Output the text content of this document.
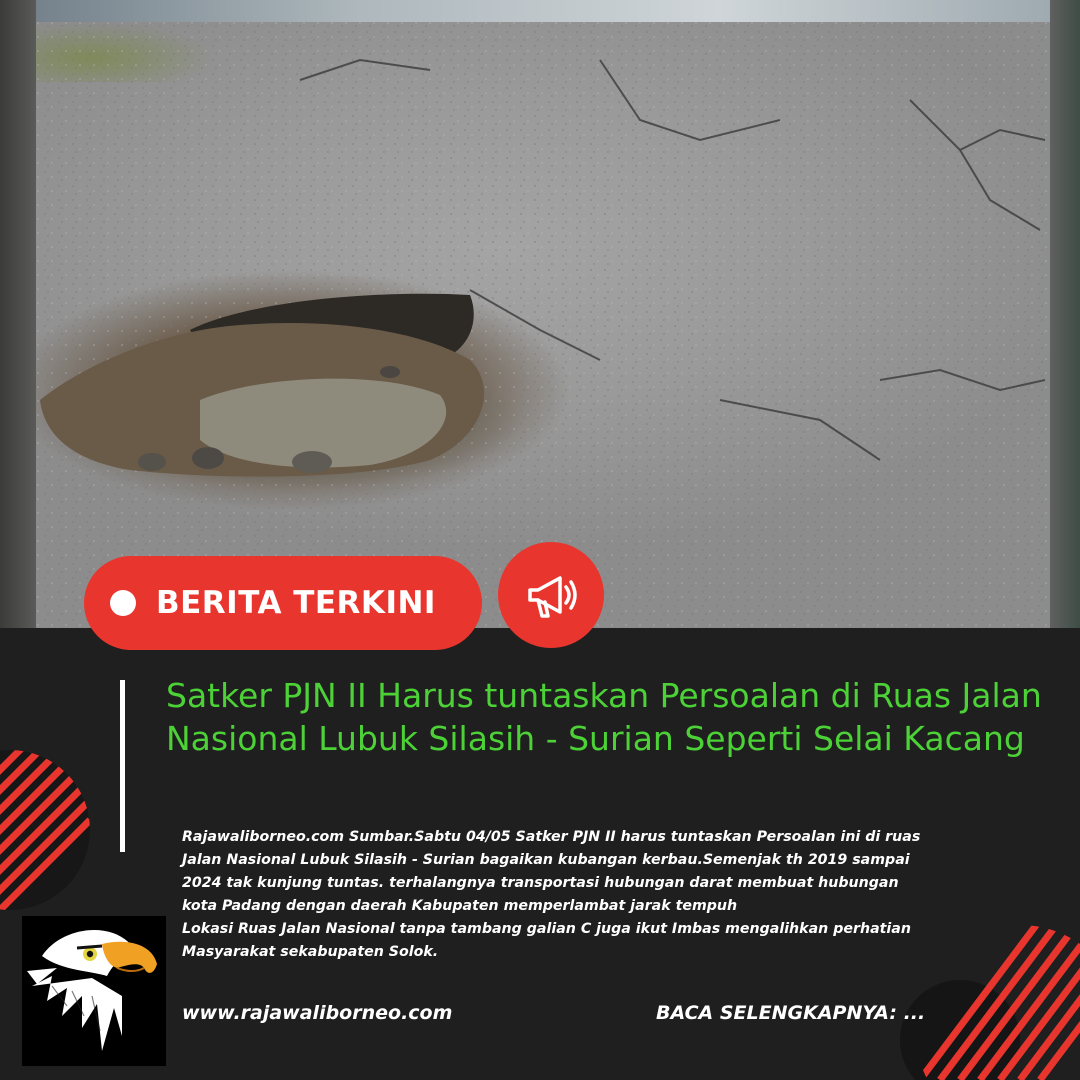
BERITA TERKINI
Satker PJN II Harus tuntaskan Persoalan di Ruas Jalan Nasional Lubuk Silasih - Surian Seperti Selai Kacang
Rajawaliborneo.com Sumbar.Sabtu 04/05 Satker PJN II harus tuntaskan Persoalan ini di ruas
Jalan Nasional Lubuk Silasih - Surian bagaikan kubangan kerbau.Semenjak th 2019 sampai
2024 tak kunjung tuntas. terhalangnya transportasi hubungan darat membuat hubungan
kota Padang dengan daerah Kabupaten memperlambat jarak tempuh
Lokasi Ruas Jalan Nasional tanpa tambang galian C juga ikut Imbas mengalihkan perhatian
Masyarakat sekabupaten Solok.
www.rajawaliborneo.com	BACA SELENGKAPNYA: ...
